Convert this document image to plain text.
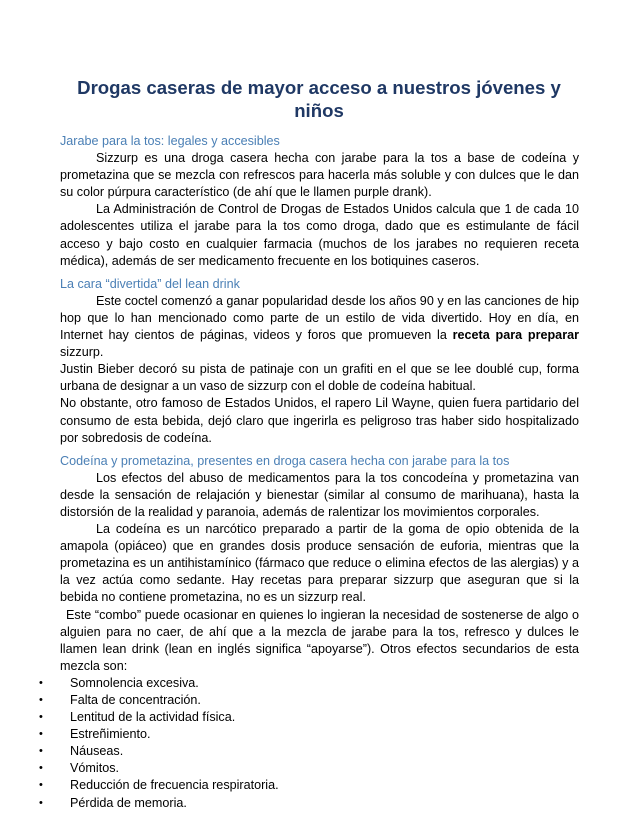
Drogas caseras de mayor acceso a nuestros jóvenes y niños

Jarabe para la tos: legales y accesibles

Sizzurp es una droga casera hecha con jarabe para la tos a base de codeína y prometazina que se mezcla con refrescos para hacerla más soluble y con dulces que le dan su color púrpura característico (de ahí que le llamen purple drank).

La Administración de Control de Drogas de Estados Unidos calcula que 1 de cada 10 adolescentes utiliza el jarabe para la tos como droga, dado que es estimulante de fácil acceso y bajo costo en cualquier farmacia (muchos de los jarabes no requieren receta médica), además de ser medicamento frecuente en los botiquines caseros.

La cara “divertida” del lean drink

Este coctel comenzó a ganar popularidad desde los años 90 y en las canciones de hip hop que lo han mencionado como parte de un estilo de vida divertido. Hoy en día, en Internet hay cientos de páginas, videos y foros que promueven la receta para preparar sizzurp.

Justin Bieber decoró su pista de patinaje con un grafiti en el que se lee doublé cup, forma urbana de designar a un vaso de sizzurp con el doble de codeína habitual.

No obstante, otro famoso de Estados Unidos, el rapero Lil Wayne, quien fuera partidario del consumo de esta bebida, dejó claro que ingerirla es peligroso tras haber sido hospitalizado por sobredosis de codeína.

Codeína y prometazina, presentes en droga casera hecha con jarabe para la tos

Los efectos del abuso de medicamentos para la tos concodeína y prometazina van desde la sensación de relajación y bienestar (similar al consumo de marihuana), hasta la distorsión de la realidad y paranoia, además de ralentizar los movimientos corporales.

La codeína es un narcótico preparado a partir de la goma de opio obtenida de la amapola (opiáceo) que en grandes dosis produce sensación de euforia, mientras que la prometazina es un antihistamínico (fármaco que reduce o elimina efectos de las alergias) y a la vez actúa como sedante. Hay recetas para preparar sizzurp que aseguran que si la bebida no contiene prometazina, no es un sizzurp real.

Este “combo” puede ocasionar en quienes lo ingieran la necesidad de sostenerse de algo o alguien para no caer, de ahí que a la mezcla de jarabe para la tos, refresco y dulces le llamen lean drink (lean en inglés significa “apoyarse”). Otros efectos secundarios de esta mezcla son:

• Somnolencia excesiva.
• Falta de concentración.
• Lentitud de la actividad física.
• Estreñimiento.
• Náuseas.
• Vómitos.
• Reducción de frecuencia respiratoria.
• Pérdida de memoria.
